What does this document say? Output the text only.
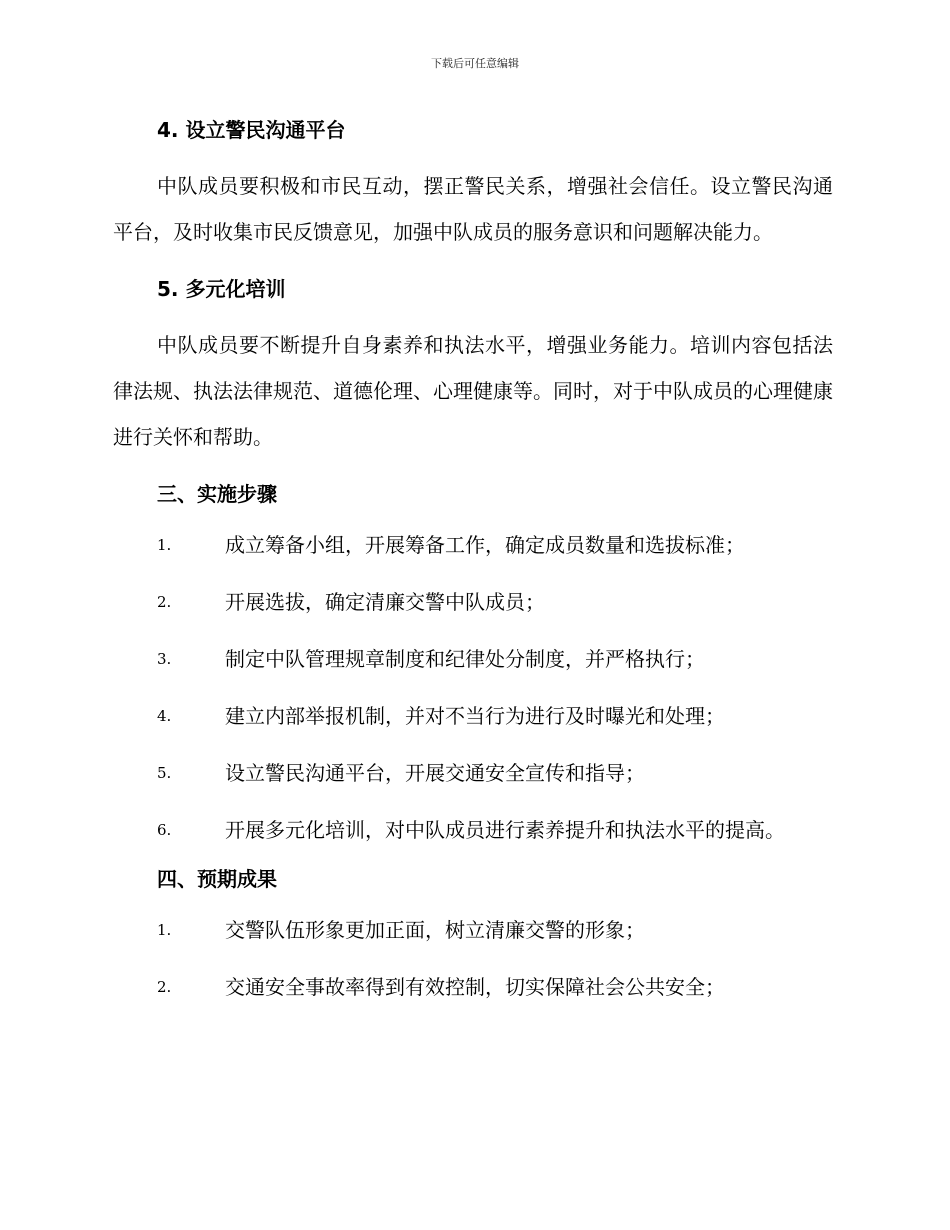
下载后可任意编辑
4. 设立警民沟通平台

中队成员要积极和市民互动，摆正警民关系，增强社会信任。设立警民沟通平台，及时收集市民反馈意见，加强中队成员的服务意识和问题解决能力。

5. 多元化培训

中队成员要不断提升自身素养和执法水平，增强业务能力。培训内容包括法律法规、执法法律规范、道德伦理、心理健康等。同时，对于中队成员的心理健康进行关怀和帮助。

三、实施步骤
1.	成立筹备小组，开展筹备工作，确定成员数量和选拔标准；
2.	开展选拔，确定清廉交警中队成员；
3.	制定中队管理规章制度和纪律处分制度，并严格执行；
4.	建立内部举报机制，并对不当行为进行及时曝光和处理；
5.	设立警民沟通平台，开展交通安全宣传和指导；
6.	开展多元化培训，对中队成员进行素养提升和执法水平的提高。
四、预期成果
1.	交警队伍形象更加正面，树立清廉交警的形象；
2.	交通安全事故率得到有效控制，切实保障社会公共安全；
